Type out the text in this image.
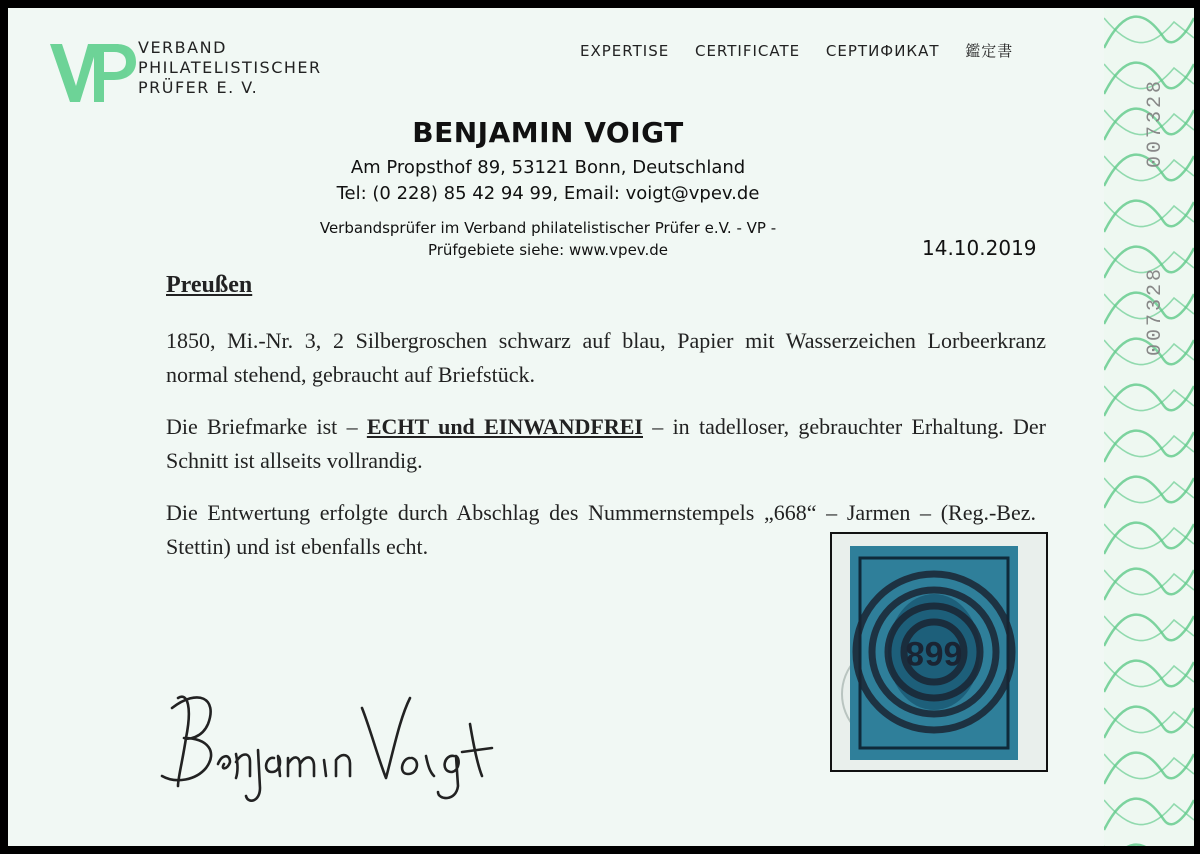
VERBAND
PHILATELISTISCHER
PRÜFER E. V.
EXPERTISE CERTIFICATE СЕРТИФИКАТ 鑑定書
BENJAMIN VOIGT
Am Propsthof 89, 53121 Bonn, Deutschland
Tel: (0 228) 85 42 94 99, Email: voigt@vpev.de
Verbandsprüfer im Verband philatelistischer Prüfer e.V. - VP -
Prüfgebiete siehe: www.vpev.de	14.10.2019
Preußen
1850, Mi.-Nr. 3, 2 Silbergroschen schwarz auf blau, Papier mit Wasserzeichen Lorbeerkranz normal stehend, gebraucht auf Briefstück.
Die Briefmarke ist – ECHT und EINWANDFREI – in tadelloser, gebrauchter Erhaltung. Der Schnitt ist allseits vollrandig.
Die Entwertung erfolgte durch Abschlag des Nummernstempels „668“ – Jarmen – (Reg.-Bez. Stettin) und ist ebenfalls echt.
668
007328
007328
